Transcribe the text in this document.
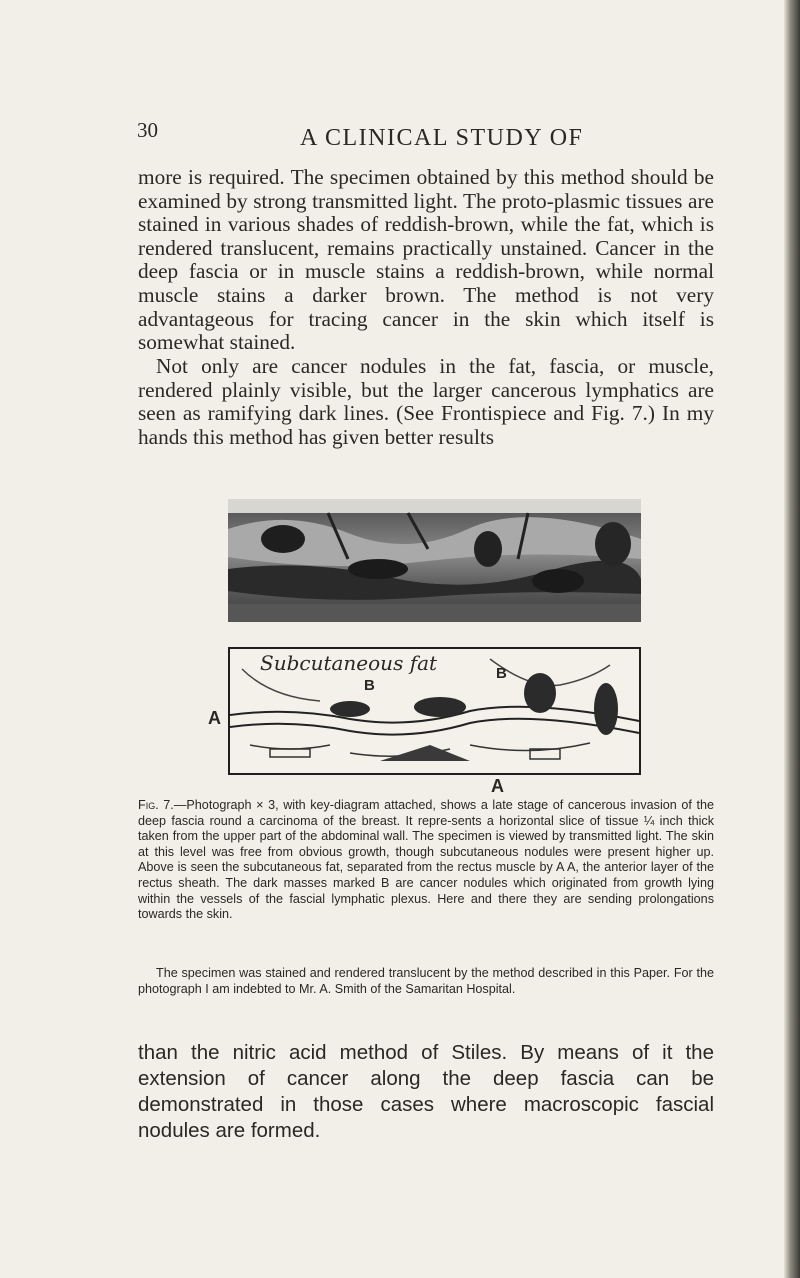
30	A CLINICAL STUDY OF

more is required. The specimen obtained by this method should be examined by strong transmitted light. The proto-plasmic tissues are stained in various shades of reddish-brown, while the fat, which is rendered translucent, remains practically unstained. Cancer in the deep fascia or in muscle stains a reddish-brown, while normal muscle stains a darker brown. The method is not very advantageous for tracing cancer in the skin which itself is somewhat stained.

Not only are cancer nodules in the fat, fascia, or muscle, rendered plainly visible, but the larger cancerous lymphatics are seen as ramifying dark lines. (See Frontispiece and Fig. 7.) In my hands this method has given better results

Subcutaneous fat
B
B
A
A

Fig. 7.—Photograph × 3, with key-diagram attached, shows a late stage of cancerous invasion of the deep fascia round a carcinoma of the breast. It repre-sents a horizontal slice of tissue ¼ inch thick taken from the upper part of the abdominal wall. The specimen is viewed by transmitted light. The skin at this level was free from obvious growth, though subcutaneous nodules were present higher up. Above is seen the subcutaneous fat, separated from the rectus muscle by A A, the anterior layer of the rectus sheath. The dark masses marked B are cancer nodules which originated from growth lying within the vessels of the fascial lymphatic plexus. Here and there they are sending prolongations towards the skin.

The specimen was stained and rendered translucent by the method described in this Paper. For the photograph I am indebted to Mr. A. Smith of the Samaritan Hospital.

than the nitric acid method of Stiles. By means of it the extension of cancer along the deep fascia can be demonstrated in those cases where macroscopic fascial nodules are formed.
